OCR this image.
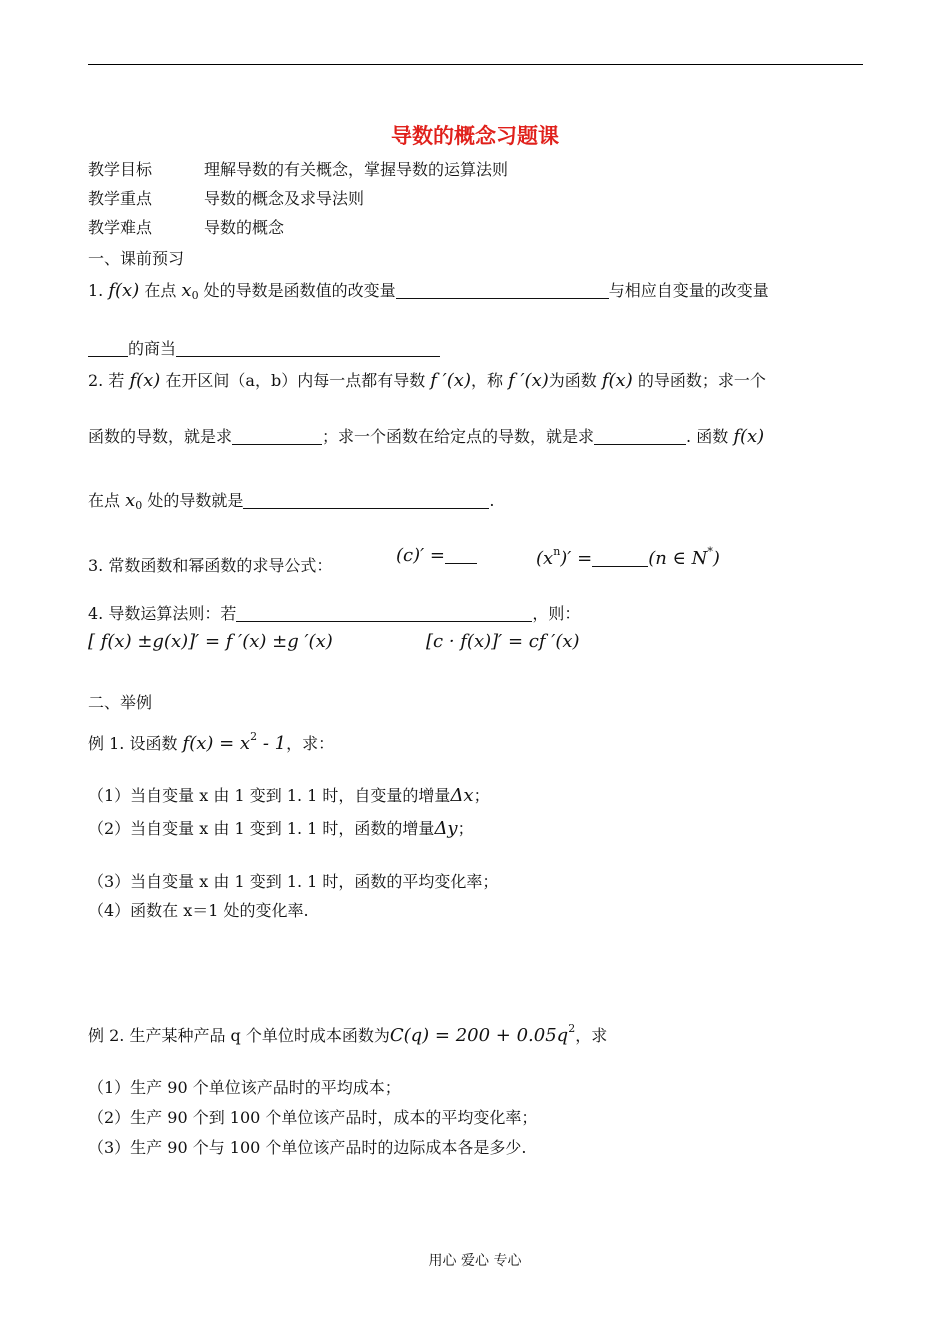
导数的概念习题课
教学目标	理解导数的有关概念，掌握导数的运算法则
教学重点	导数的概念及求导法则
教学难点	导数的概念
一、课前预习
1. f(x) 在点 $x_0$ 处的导数是函数值的改变量	与相应自变量的改变量
的商当
2. 若 f(x) 在开区间（a，b）内每一点都有导数 f ′(x)，称 f ′(x)为函数 f(x) 的导函数；求一个
函数的导数，就是求	；求一个函数在给定点的导数，就是求	. 函数 f(x)
在点 $x_0$ 处的导数就是	.
3. 常数函数和幂函数的求导公式：	(c)′ =	$(x^n)'$ =	(n ∈ N*)
4. 导数运算法则：若	，则：
[ f(x) ±g(x)]′ = f ′(x) ±g ′(x)	[c · f(x)]′ = cf ′(x)
二、举例
例 1. 设函数 $f(x) = x^2 - 1$，求：
（1）当自变量 x 由 1 变到 1. 1 时，自变量的增量Δx；
（2）当自变量 x 由 1 变到 1. 1 时，函数的增量Δy；
（3）当自变量 x 由 1 变到 1. 1 时，函数的平均变化率；
（4）函数在 x＝1 处的变化率.
例 2. 生产某种产品 q 个单位时成本函数为$C(q) = 200 + 0.05q^2$，求
（1）生产 90 个单位该产品时的平均成本；
（2）生产 90 个到 100 个单位该产品时，成本的平均变化率；
（3）生产 90 个与 100 个单位该产品时的边际成本各是多少.
用心 爱心 专心
